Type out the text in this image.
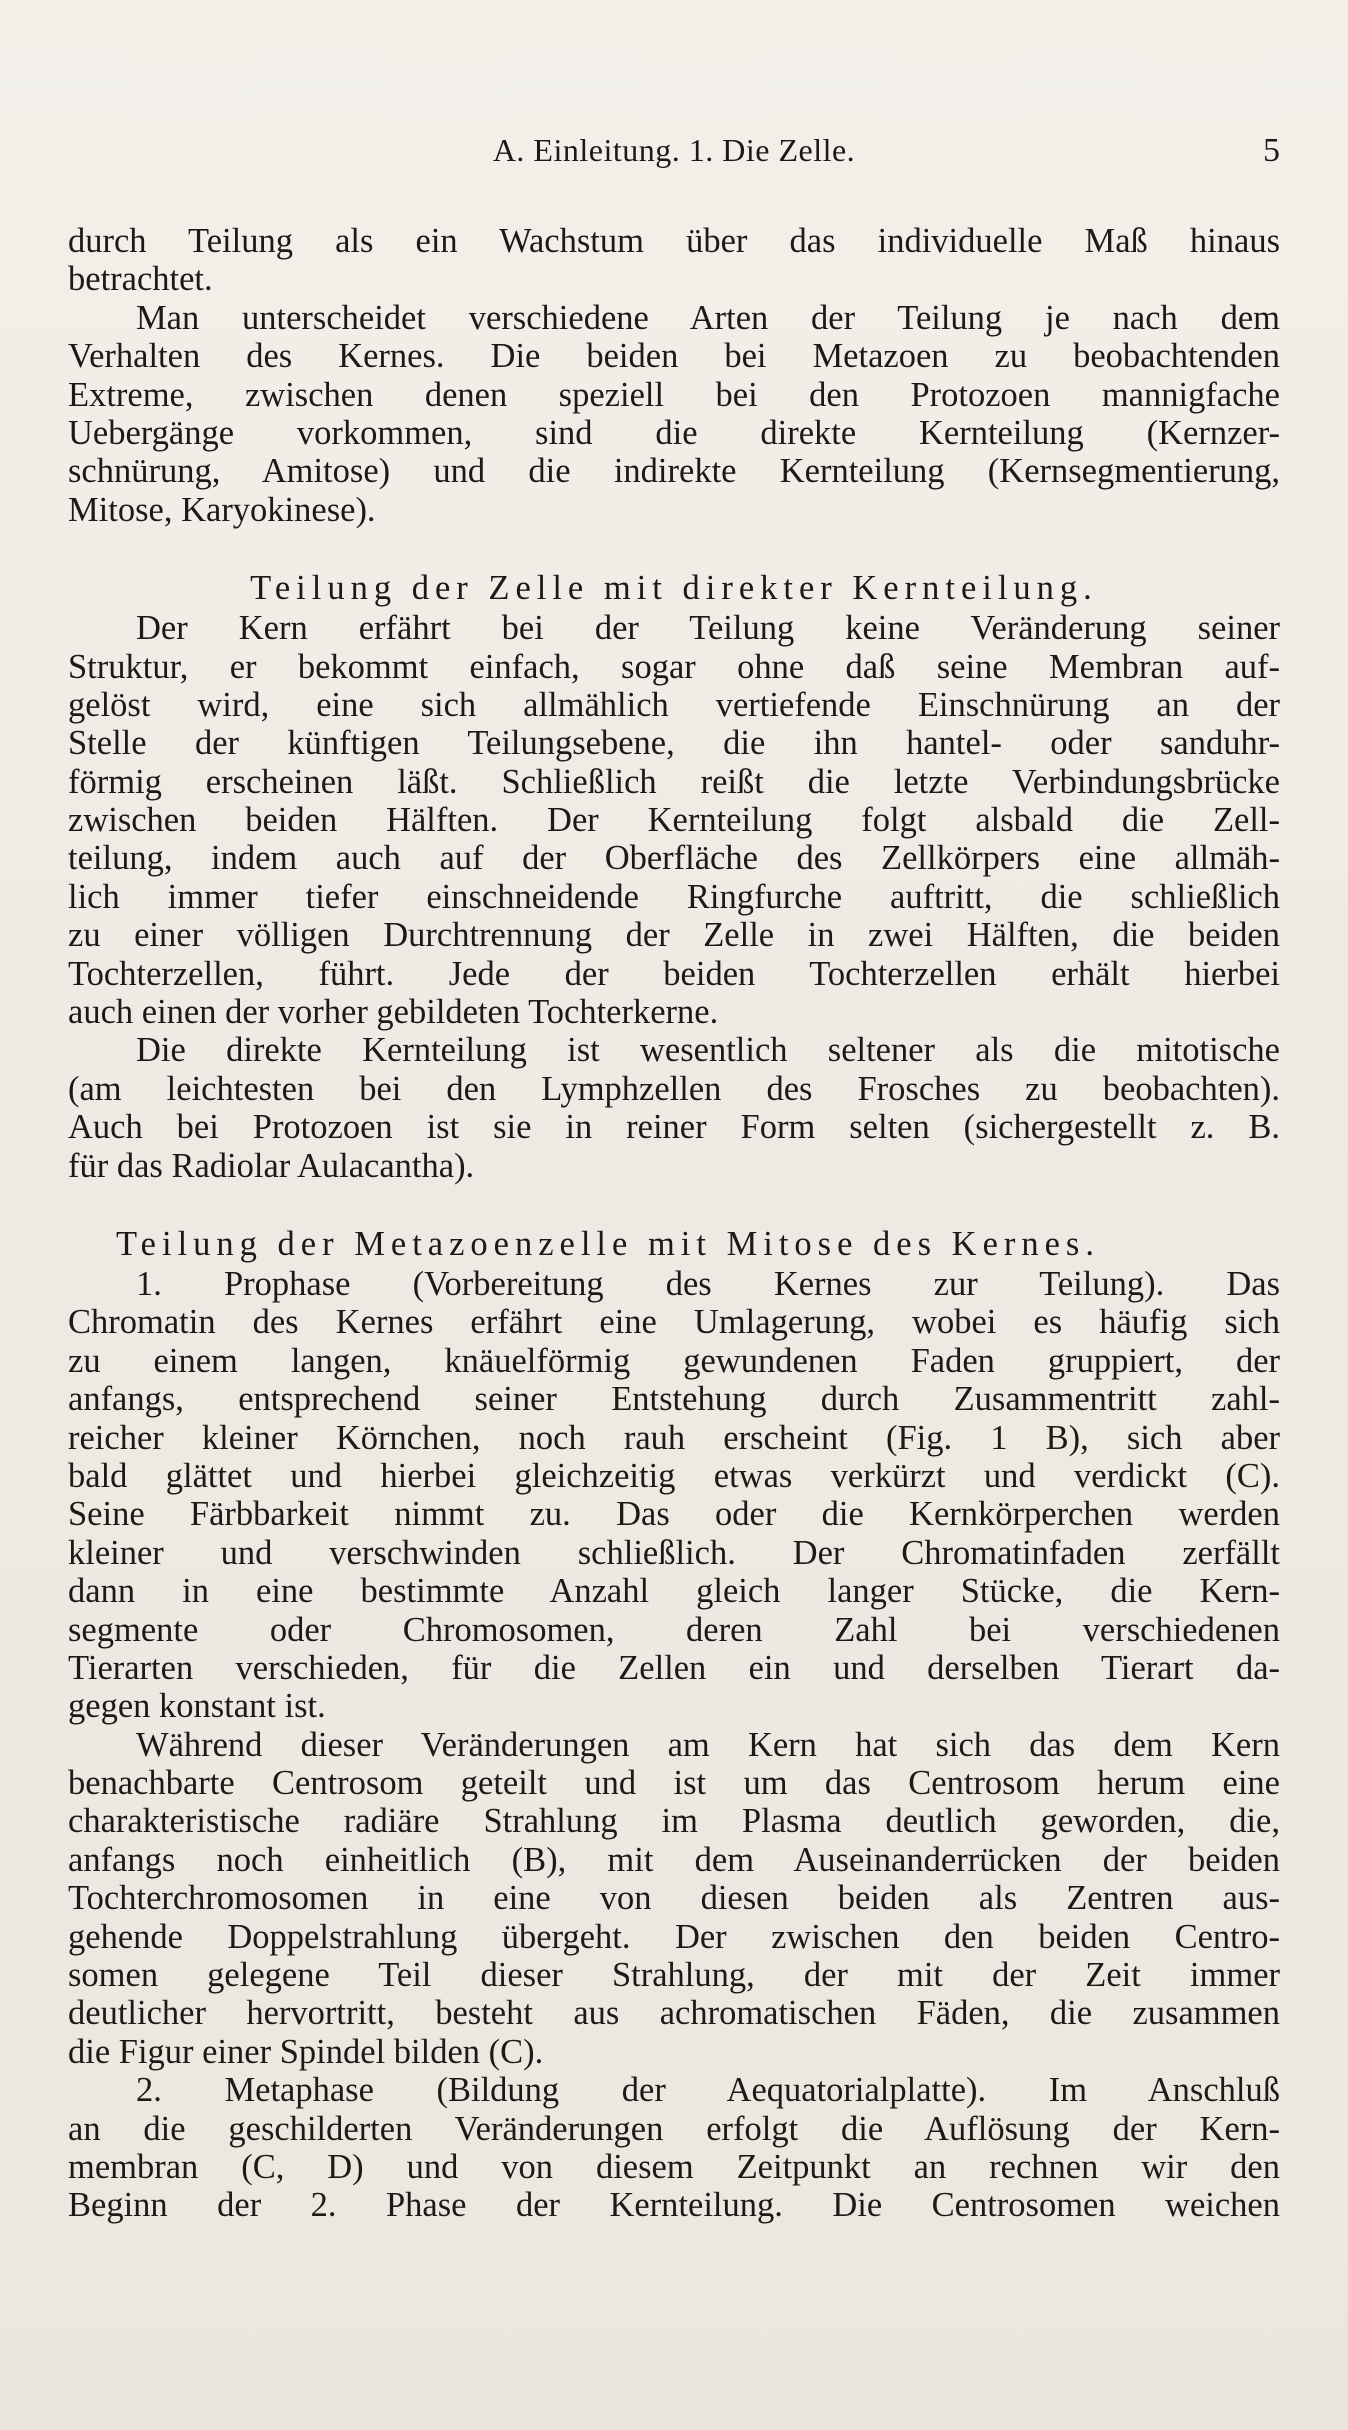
A. Einleitung. 1. Die Zelle.	5
durch Teilung als ein Wachstum über das individuelle Maß hinaus
betrachtet.
Man unterscheidet verschiedene Arten der Teilung je nach dem
Verhalten des Kernes. Die beiden bei Metazoen zu beobachtenden
Extreme, zwischen denen speziell bei den Protozoen mannigfache
Uebergänge vorkommen, sind die direkte Kernteilung (Kernzer-
schnürung, Amitose) und die indirekte Kernteilung (Kernsegmentierung,
Mitose, Karyokinese).
Teilung der Zelle mit direkter Kernteilung.
Der Kern erfährt bei der Teilung keine Veränderung seiner
Struktur, er bekommt einfach, sogar ohne daß seine Membran auf-
gelöst wird, eine sich allmählich vertiefende Einschnürung an der
Stelle der künftigen Teilungsebene, die ihn hantel- oder sanduhr-
förmig erscheinen läßt. Schließlich reißt die letzte Verbindungsbrücke
zwischen beiden Hälften. Der Kernteilung folgt alsbald die Zell-
teilung, indem auch auf der Oberfläche des Zellkörpers eine allmäh-
lich immer tiefer einschneidende Ringfurche auftritt, die schließlich
zu einer völligen Durchtrennung der Zelle in zwei Hälften, die beiden
Tochterzellen, führt. Jede der beiden Tochterzellen erhält hierbei
auch einen der vorher gebildeten Tochterkerne.
Die direkte Kernteilung ist wesentlich seltener als die mitotische
(am leichtesten bei den Lymphzellen des Frosches zu beobachten).
Auch bei Protozoen ist sie in reiner Form selten (sichergestellt z. B.
für das Radiolar Aulacantha).
Teilung der Metazoenzelle mit Mitose des Kernes.
1. Prophase (Vorbereitung des Kernes zur Teilung). Das
Chromatin des Kernes erfährt eine Umlagerung, wobei es häufig sich
zu einem langen, knäuelförmig gewundenen Faden gruppiert, der
anfangs, entsprechend seiner Entstehung durch Zusammentritt zahl-
reicher kleiner Körnchen, noch rauh erscheint (Fig. 1 B), sich aber
bald glättet und hierbei gleichzeitig etwas verkürzt und verdickt (C).
Seine Färbbarkeit nimmt zu. Das oder die Kernkörperchen werden
kleiner und verschwinden schließlich. Der Chromatinfaden zerfällt
dann in eine bestimmte Anzahl gleich langer Stücke, die Kern-
segmente oder Chromosomen, deren Zahl bei verschiedenen
Tierarten verschieden, für die Zellen ein und derselben Tierart da-
gegen konstant ist.
Während dieser Veränderungen am Kern hat sich das dem Kern
benachbarte Centrosom geteilt und ist um das Centrosom herum eine
charakteristische radiäre Strahlung im Plasma deutlich geworden, die,
anfangs noch einheitlich (B), mit dem Auseinanderrücken der beiden
Tochterchromosomen in eine von diesen beiden als Zentren aus-
gehende Doppelstrahlung übergeht. Der zwischen den beiden Centro-
somen gelegene Teil dieser Strahlung, der mit der Zeit immer
deutlicher hervortritt, besteht aus achromatischen Fäden, die zusammen
die Figur einer Spindel bilden (C).
2. Metaphase (Bildung der Aequatorialplatte). Im Anschluß
an die geschilderten Veränderungen erfolgt die Auflösung der Kern-
membran (C, D) und von diesem Zeitpunkt an rechnen wir den
Beginn der 2. Phase der Kernteilung. Die Centrosomen weichen
